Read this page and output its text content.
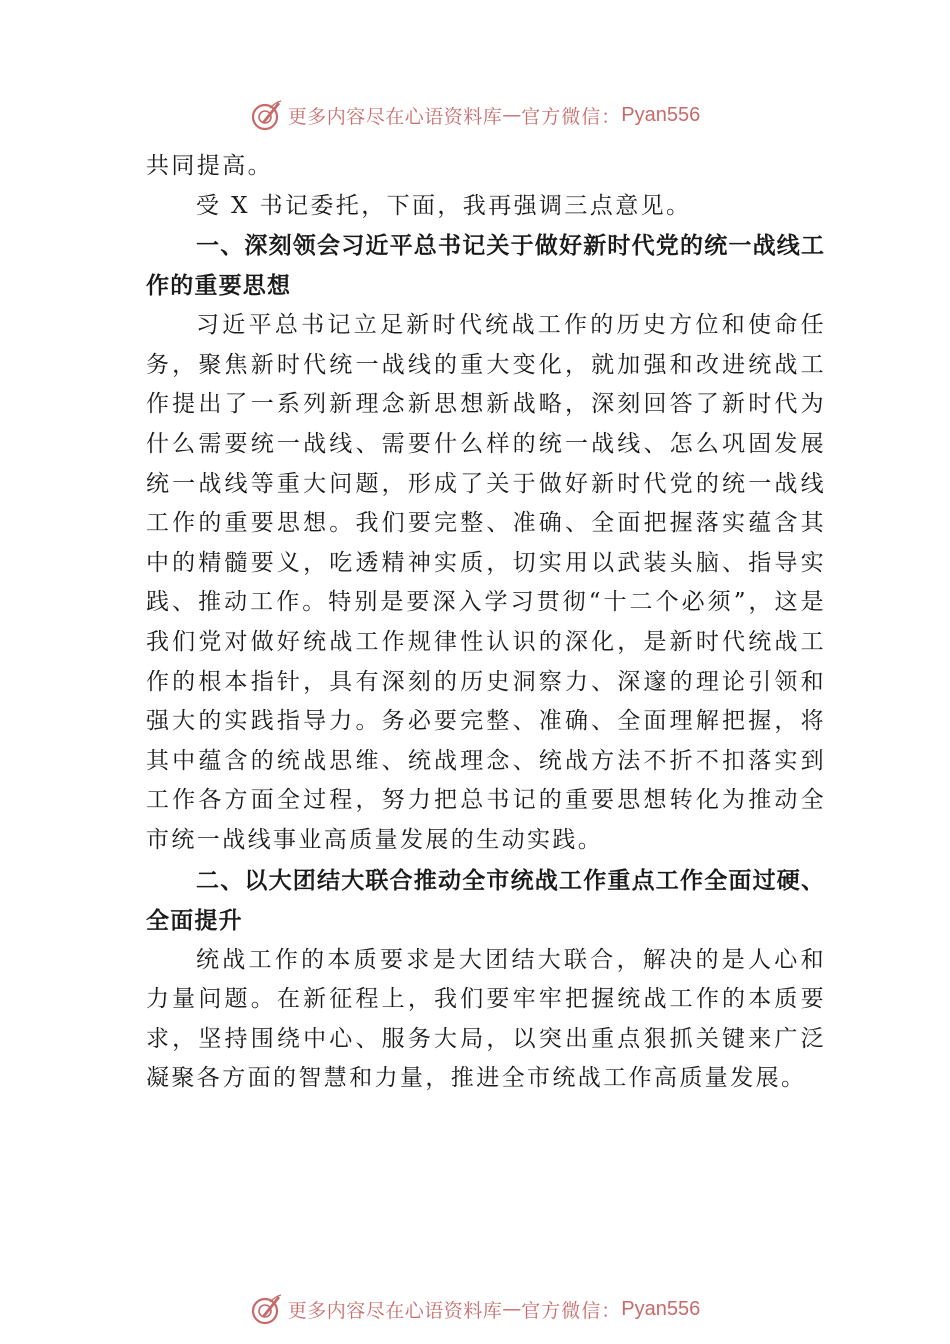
更多内容尽在心语资料库 — 官方微信： Pyan556

共同提高。

受 X 书记委托，下面，我再强调三点意见。

一、深刻领会习近平总书记关于做好新时代党的统一战线工作的重要思想

习近平总书记立足新时代统战工作的历史方位和使命任务，聚焦新时代统一战线的重大变化，就加强和改进统战工作提出了一系列新理念新思想新战略，深刻回答了新时代为什么需要统一战线、需要什么样的统一战线、怎么巩固发展统一战线等重大问题，形成了关于做好新时代党的统一战线工作的重要思想。我们要完整、准确、全面把握落实蕴含其中的精髓要义，吃透精神实质，切实用以武装头脑、指导实践、推动工作。特别是要深入学习贯彻“十二个必须”，这是我们党对做好统战工作规律性认识的深化，是新时代统战工作的根本指针，具有深刻的历史洞察力、深邃的理论引领和强大的实践指导力。务必要完整、准确、全面理解把握，将其中蕴含的统战思维、统战理念、统战方法不折不扣落实到工作各方面全过程，努力把总书记的重要思想转化为推动全市统一战线事业高质量发展的生动实践。

二、以大团结大联合推动全市统战工作重点工作全面过硬、全面提升

统战工作的本质要求是大团结大联合，解决的是人心和力量问题。在新征程上，我们要牢牢把握统战工作的本质要求，坚持围绕中心、服务大局，以突出重点狠抓关键来广泛凝聚各方面的智慧和力量，推进全市统战工作高质量发展。

更多内容尽在心语资料库 — 官方微信： Pyan556
